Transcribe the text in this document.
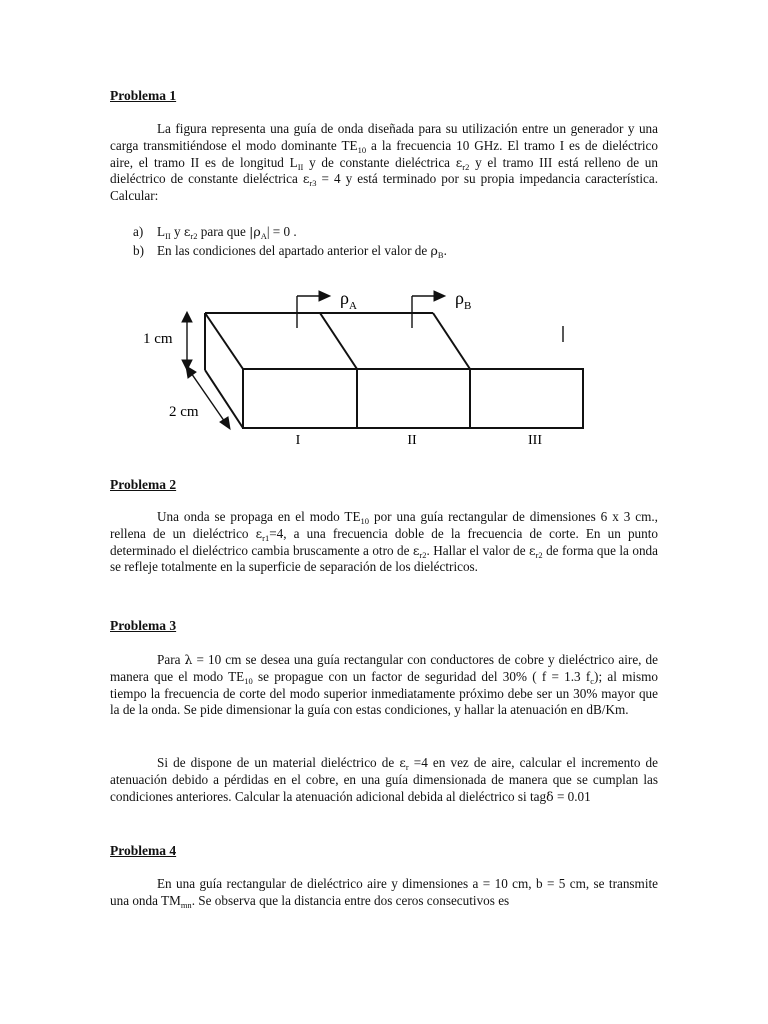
Problema 1
La figura representa una guía de onda diseñada para su utilización entre un generador y una carga transmitiéndose el modo dominante $TE_{10}$ a la frecuencia 10 GHz. El tramo I es de dieléctrico aire, el tramo II es de longitud $L_{II}$ y de constante dieléctrica $\varepsilon_{r2}$ y el tramo III está relleno de un dieléctrico de constante dieléctrica $\varepsilon_{r3} = 4$ y está terminado por su propia impedancia característica. Calcular:
a) $L_{II}$ y $\varepsilon_{r2}$ para que $|\rho_A| = 0$ .
b) En las condiciones del apartado anterior el valor de $\rho_B$.
$\rho_A$	$\rho_B$
1 cm
2 cm
I	II	III
Problema 2
Una onda se propaga en el modo $TE_{10}$ por una guía rectangular de dimensiones 6 x 3 cm., rellena de un dieléctrico $\varepsilon_{r1}=4$, a una frecuencia doble de la frecuencia de corte. En un punto determinado el dieléctrico cambia bruscamente a otro de $\varepsilon_{r2}$. Hallar el valor de $\varepsilon_{r2}$ de forma que la onda se refleje totalmente en la superficie de separación de los dieléctricos.
Problema 3
Para λ = 10 cm se desea una guía rectangular con conductores de cobre y dieléctrico aire, de manera que el modo $TE_{10}$ se propague con un factor de seguridad del 30% ( f = 1.3 $f_c$); al mismo tiempo la frecuencia de corte del modo superior inmediatamente próximo debe ser un 30% mayor que la de la onda. Se pide dimensionar la guía con estas condiciones, y hallar la atenuación en dB/Km.
Si de dispone de un material dieléctrico de $\varepsilon_r =4$ en vez de aire, calcular el incremento de atenuación debido a pérdidas en el cobre, en una guía dimensionada de manera que se cumplan las condiciones anteriores. Calcular la atenuación adicional debida al dieléctrico si tagδ = 0.01
Problema 4
En una guía rectangular de dieléctrico aire y dimensiones a = 10 cm, b = 5 cm, se transmite una onda $TM_{mn}$. Se observa que la distancia entre dos ceros consecutivos es
